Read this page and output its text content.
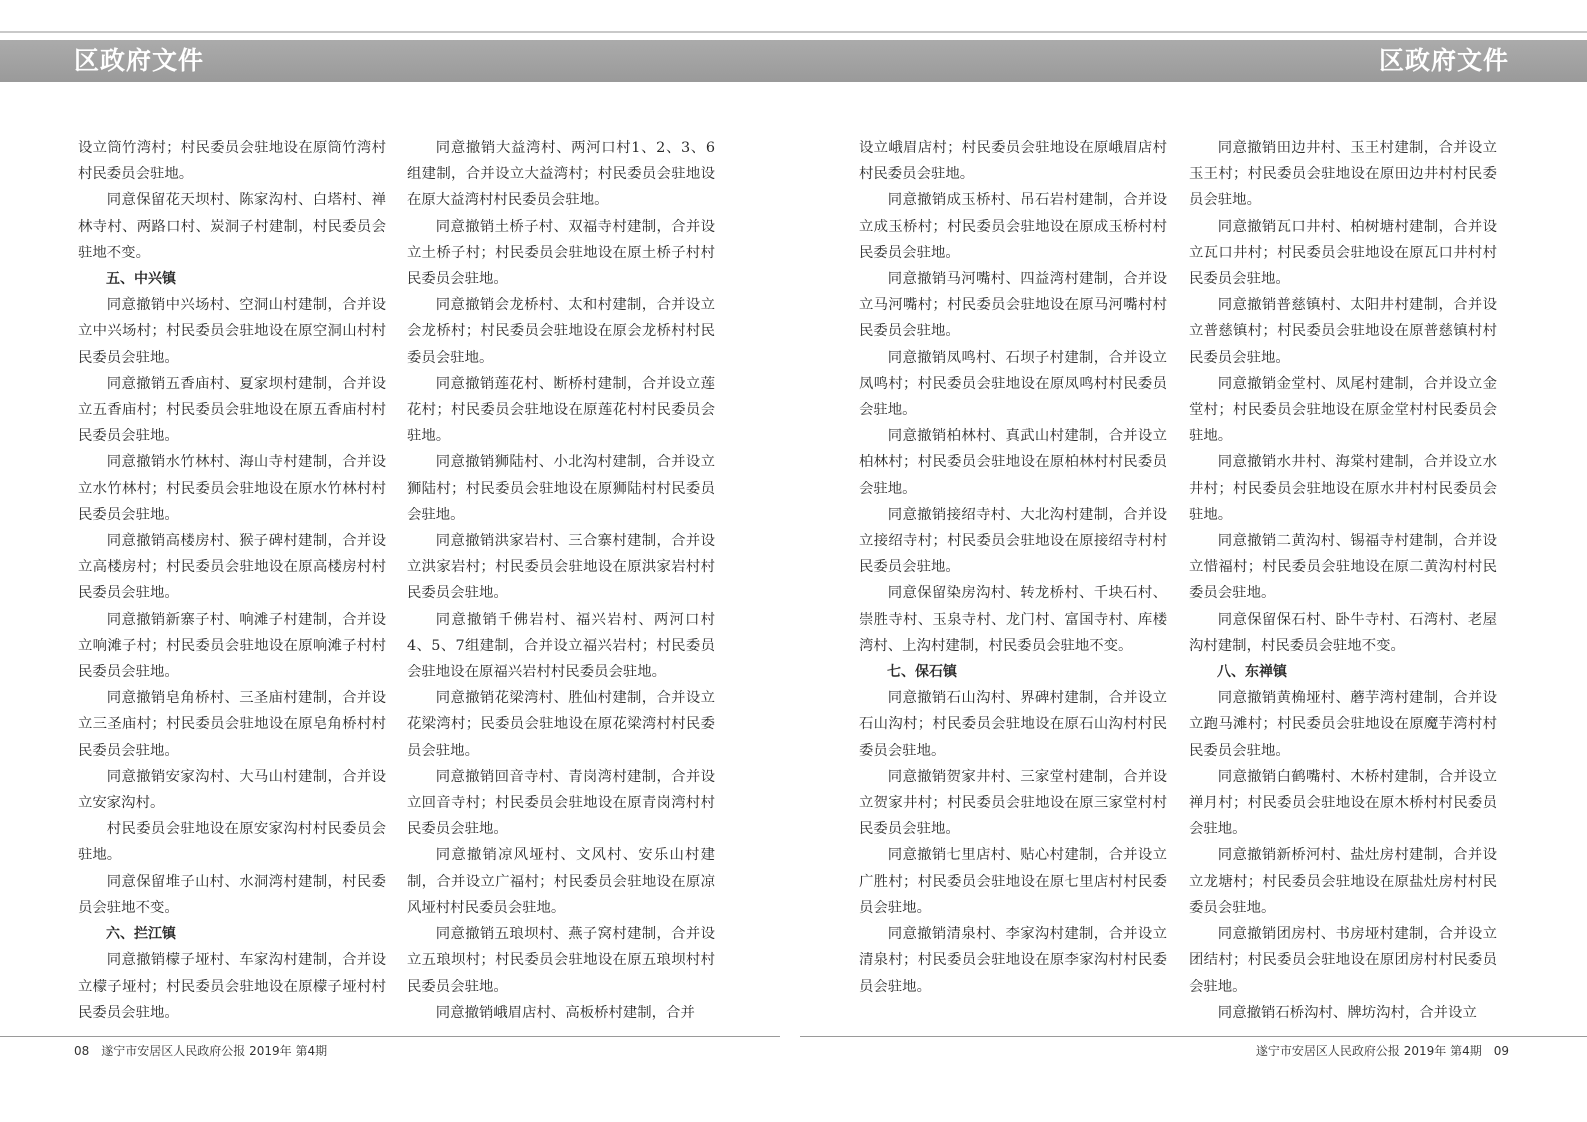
区政府文件	区政府文件

设立筒竹湾村；村民委员会驻地设在原筒竹湾村村民委员会驻地。

同意保留花天坝村、陈家沟村、白塔村、禅林寺村、两路口村、炭洞子村建制，村民委员会驻地不变。

五、中兴镇

同意撤销中兴场村、空洞山村建制，合并设立中兴场村；村民委员会驻地设在原空洞山村村民委员会驻地。

同意撤销五香庙村、夏家坝村建制，合并设立五香庙村；村民委员会驻地设在原五香庙村村民委员会驻地。

同意撤销水竹林村、海山寺村建制，合并设立水竹林村；村民委员会驻地设在原水竹林村村民委员会驻地。

同意撤销高楼房村、猴子碑村建制，合并设立高楼房村；村民委员会驻地设在原高楼房村村民委员会驻地。

同意撤销新寨子村、响滩子村建制，合并设立响滩子村；村民委员会驻地设在原响滩子村村民委员会驻地。

同意撤销皂角桥村、三圣庙村建制，合并设立三圣庙村；村民委员会驻地设在原皂角桥村村民委员会驻地。

同意撤销安家沟村、大马山村建制，合并设立安家沟村。

村民委员会驻地设在原安家沟村村民委员会驻地。

同意保留堆子山村、水洞湾村建制，村民委员会驻地不变。

六、拦江镇

同意撤销檬子垭村、车家沟村建制，合并设立檬子垭村；村民委员会驻地设在原檬子垭村村民委员会驻地。

同意撤销大益湾村、两河口村1、2、3、6组建制，合并设立大益湾村；村民委员会驻地设在原大益湾村村民委员会驻地。

同意撤销土桥子村、双福寺村建制，合并设立土桥子村；村民委员会驻地设在原土桥子村村民委员会驻地。

同意撤销会龙桥村、太和村建制，合并设立会龙桥村；村民委员会驻地设在原会龙桥村村民委员会驻地。

同意撤销莲花村、断桥村建制，合并设立莲花村；村民委员会驻地设在原莲花村村民委员会驻地。

同意撤销狮陆村、小北沟村建制，合并设立狮陆村；村民委员会驻地设在原狮陆村村民委员会驻地。

同意撤销洪家岩村、三合寨村建制，合并设立洪家岩村；村民委员会驻地设在原洪家岩村村民委员会驻地。

同意撤销千佛岩村、福兴岩村、两河口村4、5、7组建制，合并设立福兴岩村；村民委员会驻地设在原福兴岩村村民委员会驻地。

同意撤销花梁湾村、胜仙村建制，合并设立花梁湾村；民委员会驻地设在原花梁湾村村民委员会驻地。

同意撤销回音寺村、青岗湾村建制，合并设立回音寺村；村民委员会驻地设在原青岗湾村村民委员会驻地。

同意撤销凉风垭村、文风村、安乐山村建制，合并设立广福村；村民委员会驻地设在原凉风垭村村民委员会驻地。

同意撤销五琅坝村、燕子窝村建制，合并设立五琅坝村；村民委员会驻地设在原五琅坝村村民委员会驻地。

同意撤销峨眉店村、高板桥村建制，合并

设立峨眉店村；村民委员会驻地设在原峨眉店村村民委员会驻地。

同意撤销成玉桥村、吊石岩村建制，合并设立成玉桥村；村民委员会驻地设在原成玉桥村村民委员会驻地。

同意撤销马河嘴村、四益湾村建制，合并设立马河嘴村；村民委员会驻地设在原马河嘴村村民委员会驻地。

同意撤销凤鸣村、石坝子村建制，合并设立凤鸣村；村民委员会驻地设在原凤鸣村村民委员会驻地。

同意撤销柏林村、真武山村建制，合并设立柏林村；村民委员会驻地设在原柏林村村民委员会驻地。

同意撤销接绍寺村、大北沟村建制，合并设立接绍寺村；村民委员会驻地设在原接绍寺村村民委员会驻地。

同意保留染房沟村、转龙桥村、千块石村、崇胜寺村、玉泉寺村、龙门村、富国寺村、库楼湾村、上沟村建制，村民委员会驻地不变。

七、保石镇

同意撤销石山沟村、界碑村建制，合并设立石山沟村；村民委员会驻地设在原石山沟村村民委员会驻地。

同意撤销贺家井村、三家堂村建制，合并设立贺家井村；村民委员会驻地设在原三家堂村村民委员会驻地。

同意撤销七里店村、贴心村建制，合并设立广胜村；村民委员会驻地设在原七里店村村民委员会驻地。

同意撤销清泉村、李家沟村建制，合并设立清泉村；村民委员会驻地设在原李家沟村村民委员会驻地。

同意撤销田边井村、玉王村建制，合并设立玉王村；村民委员会驻地设在原田边井村村民委员会驻地。

同意撤销瓦口井村、柏树塘村建制，合并设立瓦口井村；村民委员会驻地设在原瓦口井村村民委员会驻地。

同意撤销普慈镇村、太阳井村建制，合并设立普慈镇村；村民委员会驻地设在原普慈镇村村民委员会驻地。

同意撤销金堂村、凤尾村建制，合并设立金堂村；村民委员会驻地设在原金堂村村民委员会驻地。

同意撤销水井村、海棠村建制，合并设立水井村；村民委员会驻地设在原水井村村民委员会驻地。

同意撤销二黄沟村、锡福寺村建制，合并设立惜福村；村民委员会驻地设在原二黄沟村村民委员会驻地。

同意保留保石村、卧牛寺村、石湾村、老屋沟村建制，村民委员会驻地不变。

八、东禅镇

同意撤销黄桷垭村、蘑芋湾村建制，合并设立跑马滩村；村民委员会驻地设在原魔芋湾村村民委员会驻地。

同意撤销白鹤嘴村、木桥村建制，合并设立禅月村；村民委员会驻地设在原木桥村村民委员会驻地。

同意撤销新桥河村、盐灶房村建制，合并设立龙塘村；村民委员会驻地设在原盐灶房村村民委员会驻地。

同意撤销团房村、书房垭村建制，合并设立团结村；村民委员会驻地设在原团房村村民委员会驻地。

同意撤销石桥沟村、牌坊沟村，合并设立

08 遂宁市安居区人民政府公报 2019年 第4期	遂宁市安居区人民政府公报 2019年 第4期 09
